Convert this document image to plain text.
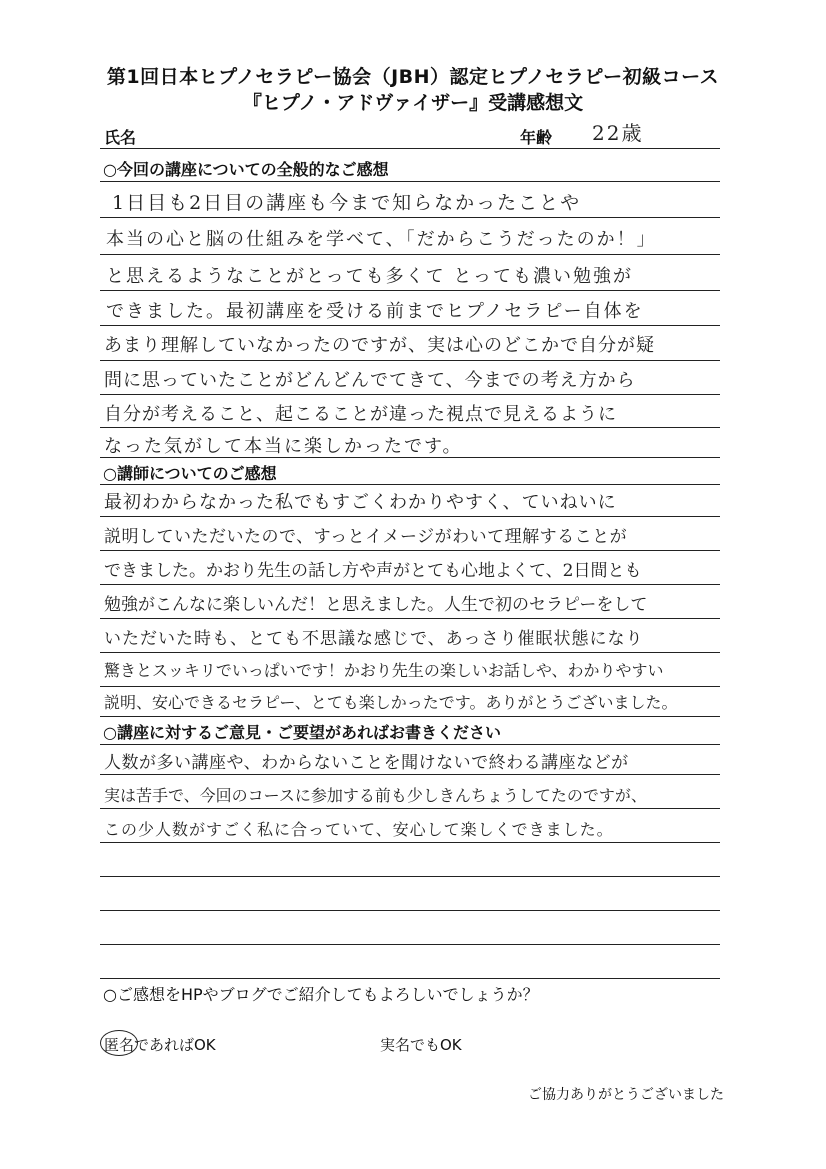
第1回日本ヒプノセラピー協会（JBH）認定ヒプノセラピー初級コース
『ヒプノ・アドヴァイザー』受講感想文
氏名	年齢 22歳
○今回の講座についての全般的なご感想
1日目も2日目の講座も今まで知らなかったことや
本当の心と脳の仕組みを学べて、「だからこうだったのか！」
と思えるようなことがとっても多くて とっても濃い勉強が
できました。最初講座を受ける前までヒプノセラピー自体を
あまり理解していなかったのですが、実は心のどこかで自分が疑
問に思っていたことがどんどんでてきて、今までの考え方から
自分が考えること、起こることが違った視点で見えるように
なった気がして本当に楽しかったです。
○講師についてのご感想
最初わからなかった私でもすごくわかりやすく、ていねいに
説明していただいたので、すっとイメージがわいて理解することが
できました。かおり先生の話し方や声がとても心地よくて、2日間とも
勉強がこんなに楽しいんだ！と思えました。人生で初のセラピーをして
いただいた時も、とても不思議な感じで、あっさり催眠状態になり
驚きとスッキリでいっぱいです！かおり先生の楽しいお話しや、わかりやすい
説明、安心できるセラピー、とても楽しかったです。ありがとうございました。
○講座に対するご意見・ご要望があればお書きください
人数が多い講座や、わからないことを聞けないで終わる講座などが
実は苦手で、今回のコースに参加する前も少しきんちょうしてたのですが、
この少人数がすごく私に合っていて、安心して楽しくできました。
○ご感想をHPやブログでご紹介してもよろしいでしょうか？
匿名であればOK	実名でもOK
ご協力ありがとうございました
